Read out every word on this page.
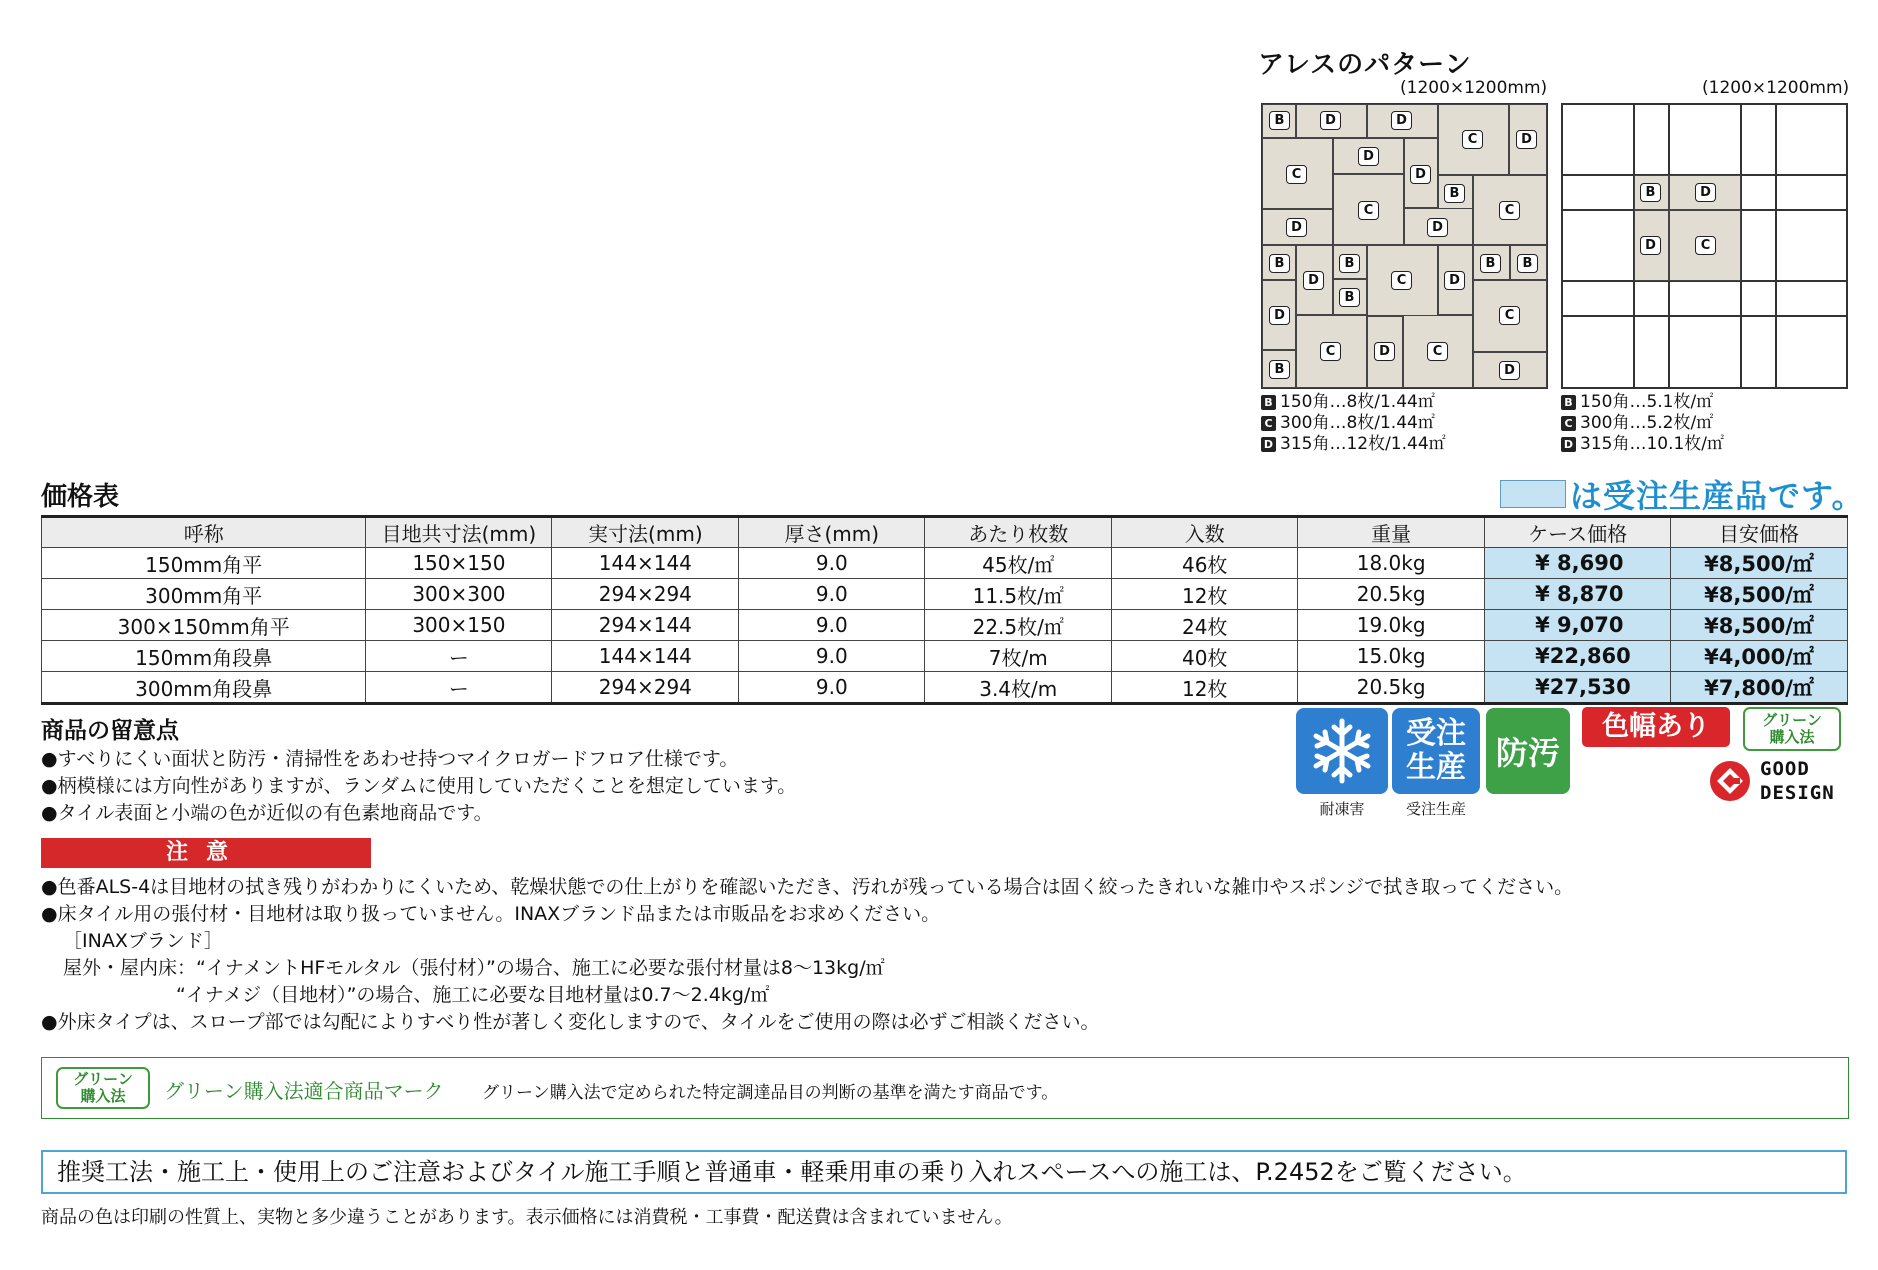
アレスのパターン
(1200×1200mm)	(1200×1200mm)
B	D	D
C	D
C
D
D
C
B
C
D	D
B
D
B
C	D
B	B
D
B
C
C	D	C
B	D
B	D
D	C
B 150角…8枚/1.44㎡
C 300角…8枚/1.44㎡
D 315角…12枚/1.44㎡
B 150角…5.1枚/㎡
C 300角…5.2枚/㎡
D 315角…10.1枚/㎡
価格表	は受注生産品です。
呼称	目地共寸法(mm)	実寸法(mm)	厚さ(mm)	あたり枚数	入数	重量	ケース価格	目安価格
150mm角平	150×150	144×144	9.0	45枚/㎡	46枚	18.0kg	¥ 8,690	¥8,500/㎡
300mm角平	300×300	294×294	9.0	11.5枚/㎡	12枚	20.5kg	¥ 8,870	¥8,500/㎡
300×150mm角平	300×150	294×144	9.0	22.5枚/㎡	24枚	19.0kg	¥ 9,070	¥8,500/㎡
150mm角段鼻	ー	144×144	9.0	7枚/m	40枚	15.0kg	¥22,860	¥4,000/㎡
300mm角段鼻	ー	294×294	9.0	3.4枚/m	12枚	20.5kg	¥27,530	¥7,800/㎡
商品の留意点
●すべりにくい面状と防汚・清掃性をあわせ持つマイクロガードフロア仕様です。
●柄模様には方向性がありますが、ランダムに使用していただくことを想定しています。
●タイル表面と小端の色が近似の有色素地商品です。
注意
●色番ALS-4は目地材の拭き残りがわかりにくいため、乾燥状態での仕上がりを確認いただき、汚れが残っている場合は固く絞ったきれいな雑巾やスポンジで拭き取ってください。
●床タイル用の張付材・目地材は取り扱っていません。INAXブランド品または市販品をお求めください。
［INAXブランド］
屋外・屋内床：“イナメントHFモルタル（張付材）”の場合、施工に必要な張付材量は8～13kg/㎡
“イナメジ（目地材）”の場合、施工に必要な目地材量は0.7～2.4kg/㎡
●外床タイプは、スロープ部では勾配によりすべり性が著しく変化しますので、タイルをご使用の際は必ずご相談ください。
耐凍害
受注生産
受注生産
防汚
色幅あり	グリーン購入法
GOOD DESIGN
グリーン購入法	グリーン購入法適合商品マーク グリーン購入法で定められた特定調達品目の判断の基準を満たす商品です。
推奨工法・施工上・使用上のご注意およびタイル施工手順と普通車・軽乗用車の乗り入れスペースへの施工は、P.2452をご覧ください。
商品の色は印刷の性質上、実物と多少違うことがあります。表示価格には消費税・工事費・配送費は含まれていません。
